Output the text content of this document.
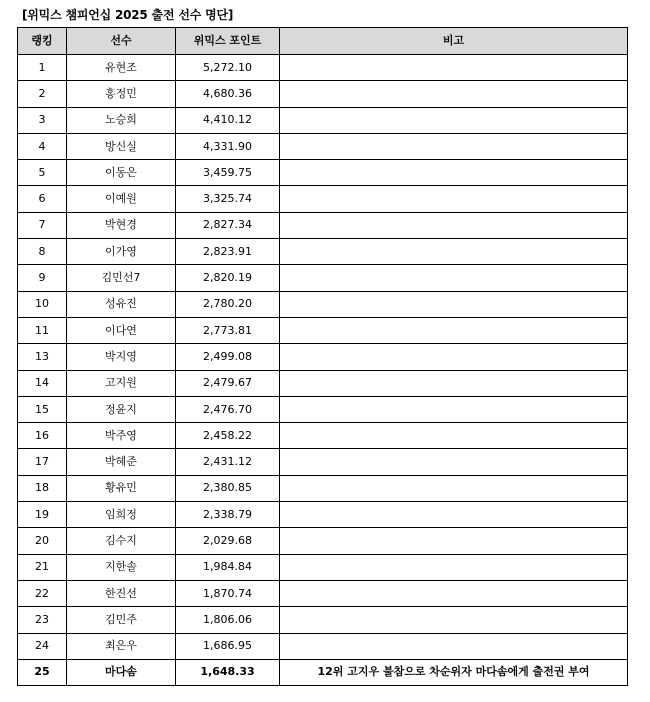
[위믹스 챔피언십 2025 출전 선수 명단]
랭킹	선수	위믹스 포인트	비고
1	유현조	5,272.10	
2	홍정민	4,680.36	
3	노승희	4,410.12	
4	방신실	4,331.90	
5	이동은	3,459.75	
6	이예원	3,325.74	
7	박현경	2,827.34	
8	이가영	2,823.91	
9	김민선7	2,820.19	
10	성유진	2,780.20	
11	이다연	2,773.81	
13	박지영	2,499.08	
14	고지원	2,479.67	
15	정윤지	2,476.70	
16	박주영	2,458.22	
17	박혜준	2,431.12	
18	황유민	2,380.85	
19	임희정	2,338.79	
20	김수지	2,029.68	
21	지한솔	1,984.84	
22	한진선	1,870.74	
23	김민주	1,806.06	
24	최은우	1,686.95	
25	마다솜	1,648.33	12위 고지우 불참으로 차순위자 마다솜에게 출전권 부여
